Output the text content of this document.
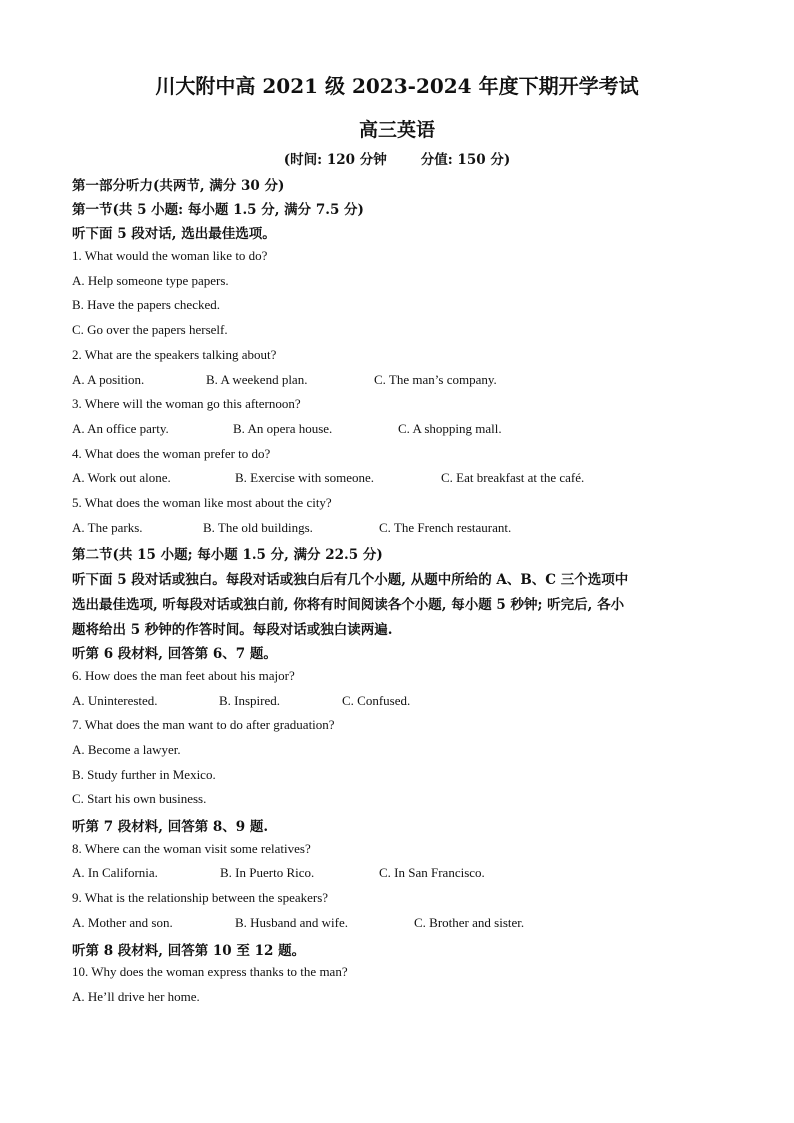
川大附中高 2021 级 2023-2024 年度下期开学考试
高三英语
(时间: 120 分钟	分值: 150 分)
第一部分听力(共两节, 满分 30 分)
第一节(共 5 小题: 每小题 1.5 分, 满分 7.5 分)
听下面 5 段对话, 选出最佳选项。
1. What would the woman like to do?
A. Help someone type papers.
B. Have the papers checked.
C. Go over the papers herself.
2. What are the speakers talking about?
A. A position.	B. A weekend plan.	C. The man’s company.
3. Where will the woman go this afternoon?
A. An office party.	B. An opera house.	C. A shopping mall.
4. What does the woman prefer to do?
A. Work out alone.	B. Exercise with someone.	C. Eat breakfast at the café.
5. What does the woman like most about the city?
A. The parks.	B. The old buildings.	C. The French restaurant.
第二节(共 15 小题; 每小题 1.5 分, 满分 22.5 分)
听下面 5 段对话或独白。每段对话或独白后有几个小题, 从题中所给的 A、B、C 三个选项中
选出最佳选项, 听每段对话或独白前, 你将有时间阅读各个小题, 每小题 5 秒钟; 听完后, 各小
题将给出 5 秒钟的作答时间。每段对话或独白读两遍.
听第 6 段材料, 回答第 6、7 题。
6. How does the man feet about his major?
A. Uninterested.	B. Inspired.	C. Confused.
7. What does the man want to do after graduation?
A. Become a lawyer.
B. Study further in Mexico.
C. Start his own business.
听第 7 段材料, 回答第 8、9 题.
8. Where can the woman visit some relatives?
A. In California.	B. In Puerto Rico.	C. In San Francisco.
9. What is the relationship between the speakers?
A. Mother and son.	B. Husband and wife.	C. Brother and sister.
听第 8 段材料, 回答第 10 至 12 题。
10. Why does the woman express thanks to the man?
A. He’ll drive her home.
